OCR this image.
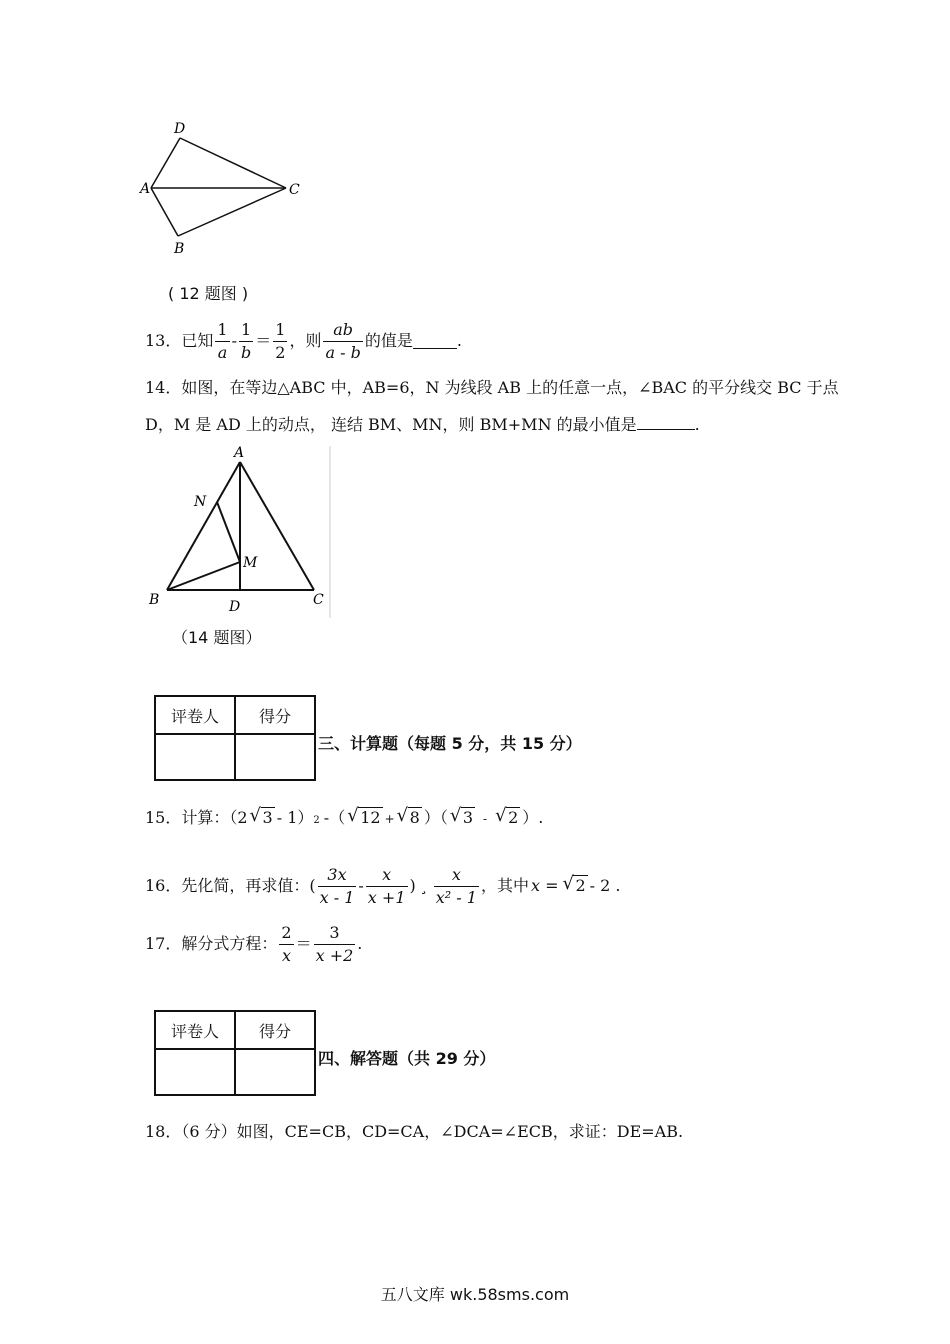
D
A	C
B
( 12 题图 )
13． 已知 $\frac{1}{a} - \frac{1}{b} = \frac{1}{2}$ ，则 $\frac{ab}{a - b}$ 的值是	.
14．如图，在等边△ABC 中，AB=6，N 为线段 AB 上的任意一点，∠BAC 的平分线交 BC 于点
D，M 是 AD 上的动点， 连结 BM、MN，则 BM+MN 的最小值是	.
A
N
M
B	D	C
（14 题图）
评卷人	得分

三、计算题（每题 5 分，共 15 分）
15．计算：（2 √ 3 - 1） 2 -（ √ 12 + √ 8 ）（ √ 3 -	√ 2 ）.
16．先化简，再求值：( $\frac{3x}{x - 1} - \frac{x}{x +1}$ ) ¸ $\frac{x}{\text{x² - 1}}$ ，其中 x =	√ 2 - 2 .
17．解分式方程： $\frac{2}{x} = \frac{3}{x +2}$ .
评卷人	得分

四、解答题（共 29 分）
18．（6 分）如图，CE=CB，CD=CA，∠DCA=∠ECB，求证：DE=AB.
五八文库 wk.58sms.com
